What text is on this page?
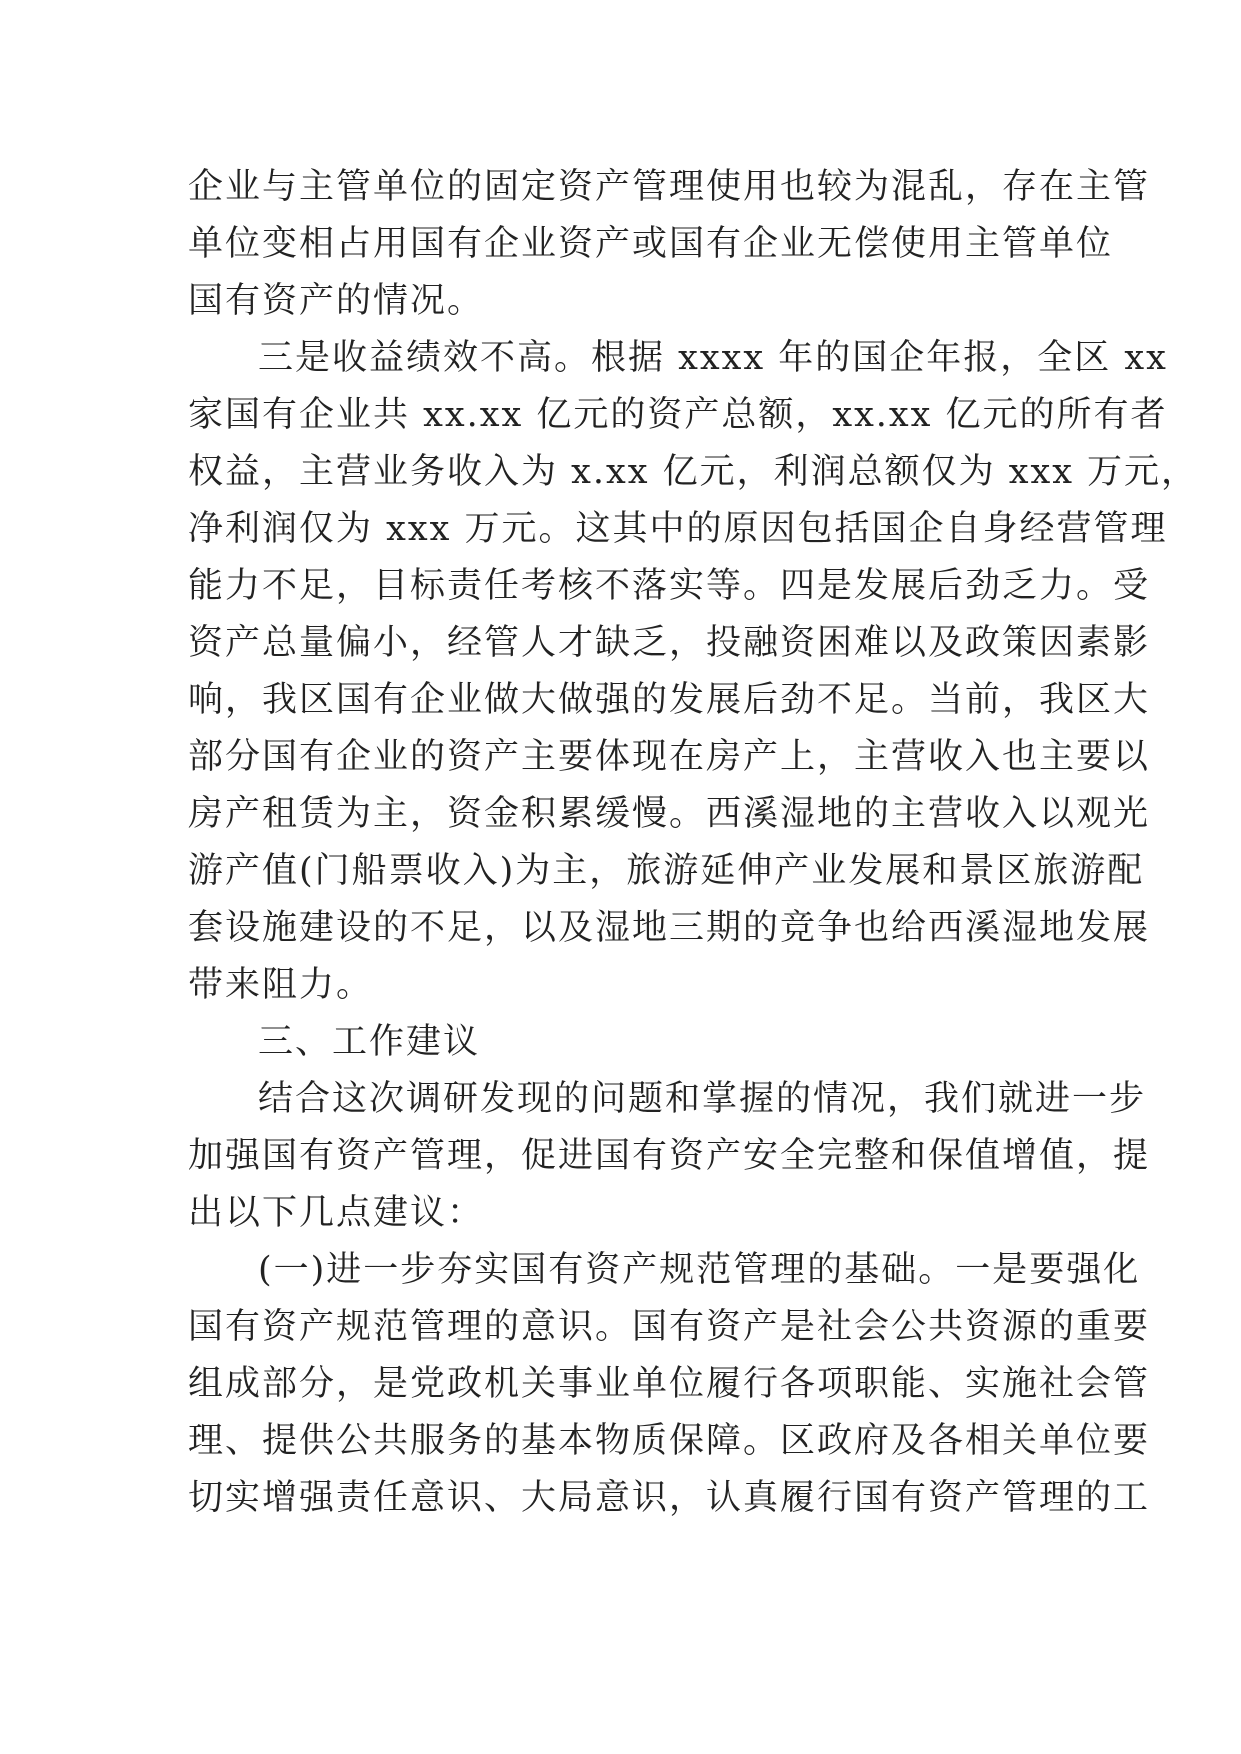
企业与主管单位的固定资产管理使用也较为混乱，存在主管
单位变相占用国有企业资产或国有企业无偿使用主管单位
国有资产的情况。
三是收益绩效不高。根据 xxxx 年的国企年报，全区 xx
家国有企业共 xx.xx 亿元的资产总额，xx.xx 亿元的所有者
权益，主营业务收入为 x.xx 亿元，利润总额仅为 xxx 万元，
净利润仅为 xxx 万元。这其中的原因包括国企自身经营管理
能力不足，目标责任考核不落实等。四是发展后劲乏力。受
资产总量偏小，经管人才缺乏，投融资困难以及政策因素影
响，我区国有企业做大做强的发展后劲不足。当前，我区大
部分国有企业的资产主要体现在房产上，主营收入也主要以
房产租赁为主，资金积累缓慢。西溪湿地的主营收入以观光
游产值(门船票收入)为主，旅游延伸产业发展和景区旅游配
套设施建设的不足，以及湿地三期的竞争也给西溪湿地发展
带来阻力。
三、工作建议
结合这次调研发现的问题和掌握的情况，我们就进一步
加强国有资产管理，促进国有资产安全完整和保值增值，提
出以下几点建议：
(一)进一步夯实国有资产规范管理的基础。一是要强化
国有资产规范管理的意识。国有资产是社会公共资源的重要
组成部分，是党政机关事业单位履行各项职能、实施社会管
理、提供公共服务的基本物质保障。区政府及各相关单位要
切实增强责任意识、大局意识，认真履行国有资产管理的工
